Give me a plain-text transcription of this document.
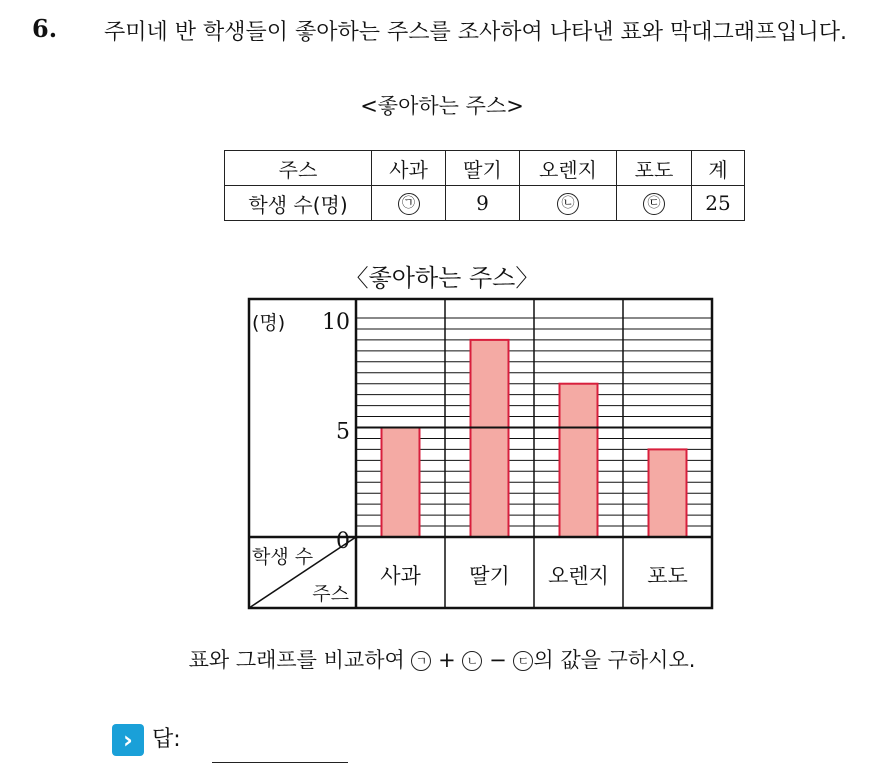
6. 주미네 반 학생들이 좋아하는 주스를 조사하여 나타낸 표와 막대그래프입니다.
<좋아하는 주스>
주스	사과	딸기	오렌지	포도	계
학생 수(명)	㉠	9	㉡	㉢	25
〈좋아하는 주스〉
0
5
10
(명)
학생 수
주스
사과 딸기 오렌지 포도
표와 그래프를 비교하여 ㄱ + ㄴ − ㄷ 의 값을 구하시오.
› 답:
